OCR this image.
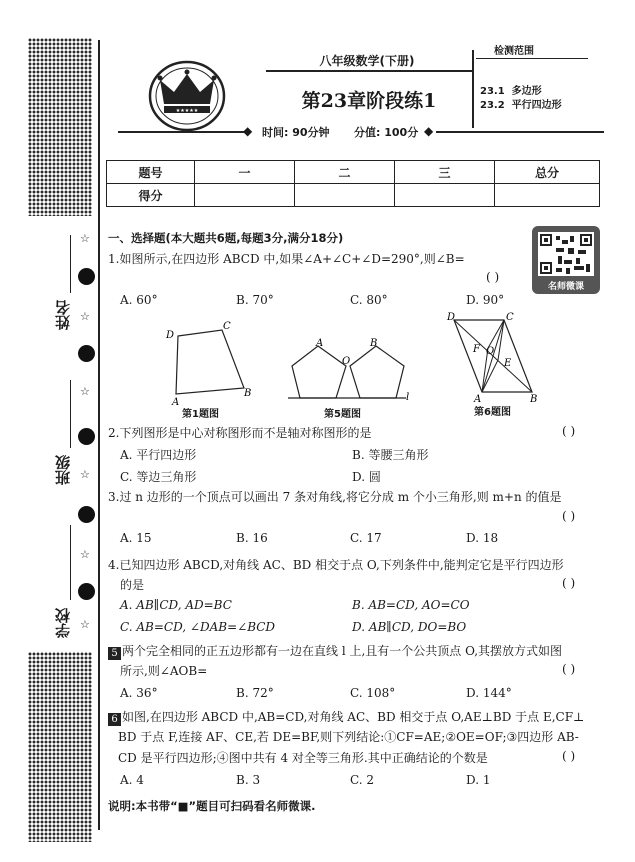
☆
☆
☆
☆
☆
☆
姓名
班级
学校
★★★★★
八年级数学(下册)
第23章阶段练1
◆ 时间: 90分钟 分值: 100分 ◆
检测范围
23.1  多边形
23.2  平行四边形
题号	一	二	三	总分
得分				
名师微课
一、选择题(本大题共6题,每题3分,满分18分)
1.如图所示,在四边形 ABCD 中,如果∠A+∠C+∠D=290°,则∠B=
( )
A. 60°	B. 70°	C. 80°	D. 90°
D
C
A
B
第1题图
A
O
B
l
第5题图
D	C
F O
E
A	B
第6题图
2.下列图形是中心对称图形而不是轴对称图形的是	( )
A. 平行四边形	B. 等腰三角形
C. 等边三角形	D. 圆
3.过 n 边形的一个顶点可以画出 7 条对角线,将它分成 m 个小三角形,则 m+n 的值是
( )
A. 15	B. 16	C. 17	D. 18
4.已知四边形 ABCD,对角线 AC、BD 相交于点 O,下列条件中,能判定它是平行四边形
的是	( )
A. AB∥CD, AD=BC	B. AB=CD, AO=CO
C. AB=CD, ∠DAB=∠BCD	D. AB∥CD, DO=BO
5 两个完全相同的正五边形都有一边在直线 l 上,且有一个公共顶点 O,其摆放方式如图
所示,则∠AOB=	( )
A. 36°	B. 72°	C. 108°	D. 144°
6 如图,在四边形 ABCD 中,AB=CD,对角线 AC、BD 相交于点 O,AE⊥BD 于点 E,CF⊥
BD 于点 F,连接 AF、CE,若 DE=BF,则下列结论:①CF=AE;②OE=OF;③四边形 AB-
CD 是平行四边形;④图中共有 4 对全等三角形.其中正确结论的个数是	( )
A. 4	B. 3	C. 2	D. 1
说明:本书带“■”题目可扫码看名师微课.
